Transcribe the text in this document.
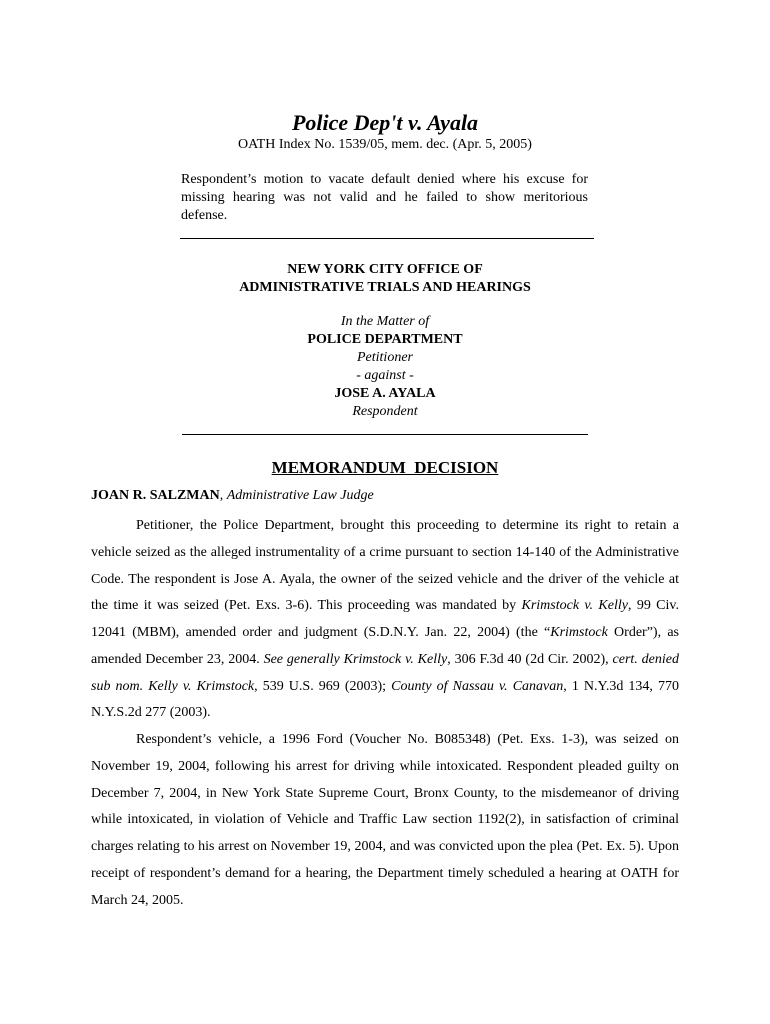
Police Dep't v. Ayala
OATH Index No. 1539/05, mem. dec. (Apr. 5, 2005)
Respondent’s motion to vacate default denied where his excuse for missing hearing was not valid and he failed to show meritorious defense.
NEW YORK CITY OFFICE OF
ADMINISTRATIVE TRIALS AND HEARINGS
In the Matter of
POLICE DEPARTMENT
Petitioner
- against -
JOSE A. AYALA
Respondent
MEMORANDUM  DECISION
JOAN R. SALZMAN, Administrative Law Judge

Petitioner, the Police Department, brought this proceeding to determine its right to retain a vehicle seized as the alleged instrumentality of a crime pursuant to section 14-140 of the Administrative Code. The respondent is Jose A. Ayala, the owner of the seized vehicle and the driver of the vehicle at the time it was seized (Pet. Exs. 3-6). This proceeding was mandated by Krimstock v. Kelly, 99 Civ. 12041 (MBM), amended order and judgment (S.D.N.Y. Jan. 22, 2004) (the “Krimstock Order”), as amended December 23, 2004. See generally Krimstock v. Kelly, 306 F.3d 40 (2d Cir. 2002), cert. denied sub nom. Kelly v. Krimstock, 539 U.S. 969 (2003); County of Nassau v. Canavan, 1 N.Y.3d 134, 770 N.Y.S.2d 277 (2003).

Respondent’s vehicle, a 1996 Ford (Voucher No. B085348) (Pet. Exs. 1-3), was seized on November 19, 2004, following his arrest for driving while intoxicated. Respondent pleaded guilty on December 7, 2004, in New York State Supreme Court, Bronx County, to the misdemeanor of driving while intoxicated, in violation of Vehicle and Traffic Law section 1192(2), in satisfaction of criminal charges relating to his arrest on November 19, 2004, and was convicted upon the plea (Pet. Ex. 5). Upon receipt of respondent’s demand for a hearing, the Department timely scheduled a hearing at OATH for March 24, 2005.
